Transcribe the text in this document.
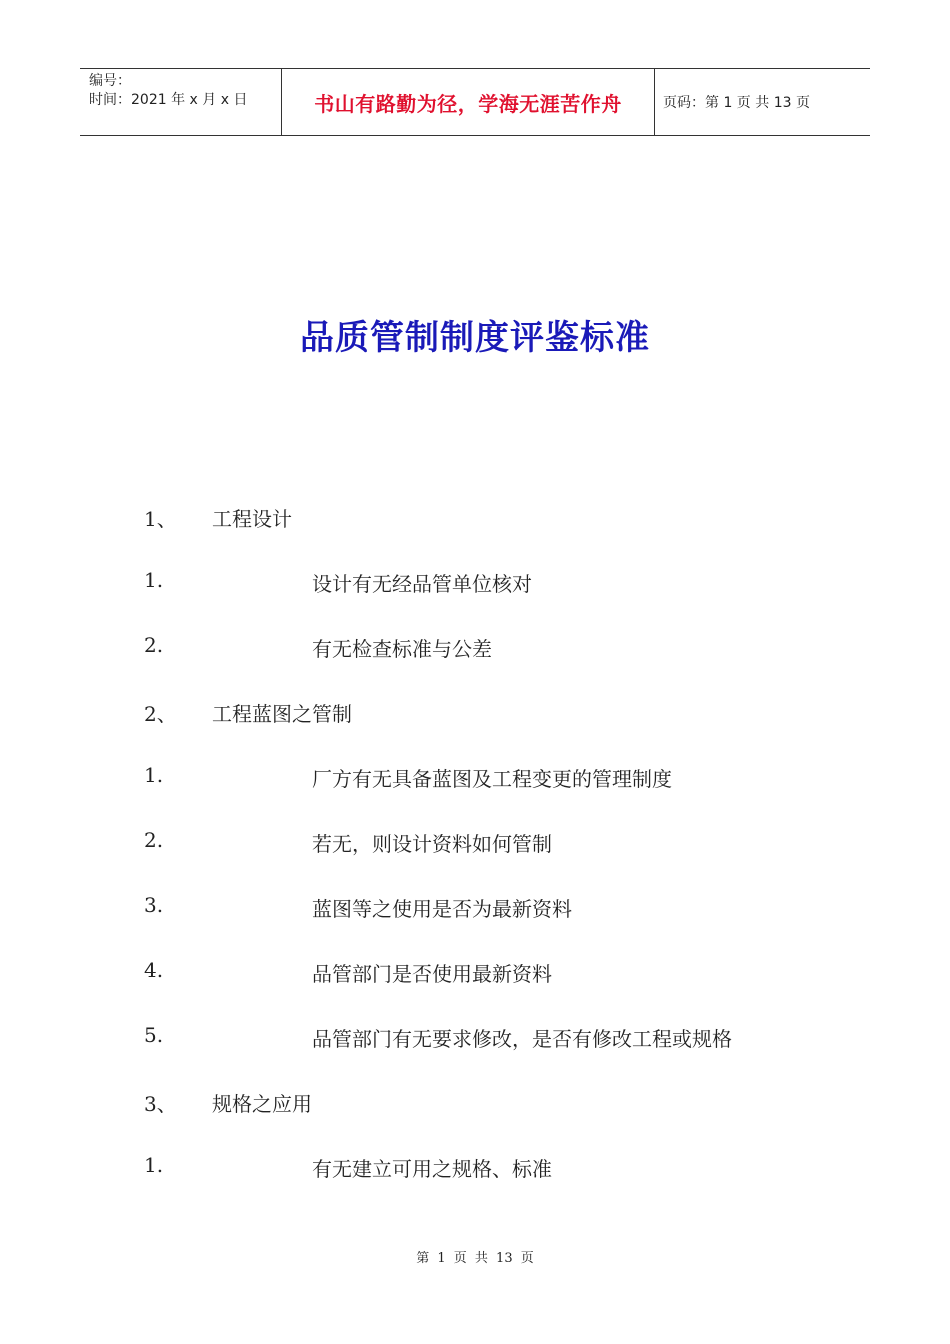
编号：
时间：2021 年 x 月 x 日	书山有路勤为径，学海无涯苦作舟	页码：第 1 页 共 13 页
品质管制制度评鉴标准
1、 工程设计
1.	设计有无经品管单位核对
2.	有无检查标准与公差
2、 工程蓝图之管制
1.	厂方有无具备蓝图及工程变更的管理制度
2.	若无，则设计资料如何管制
3.	蓝图等之使用是否为最新资料
4.	品管部门是否使用最新资料
5.	品管部门有无要求修改，是否有修改工程或规格
3、 规格之应用
1.	有无建立可用之规格、标准
第 1 页 共 13 页
